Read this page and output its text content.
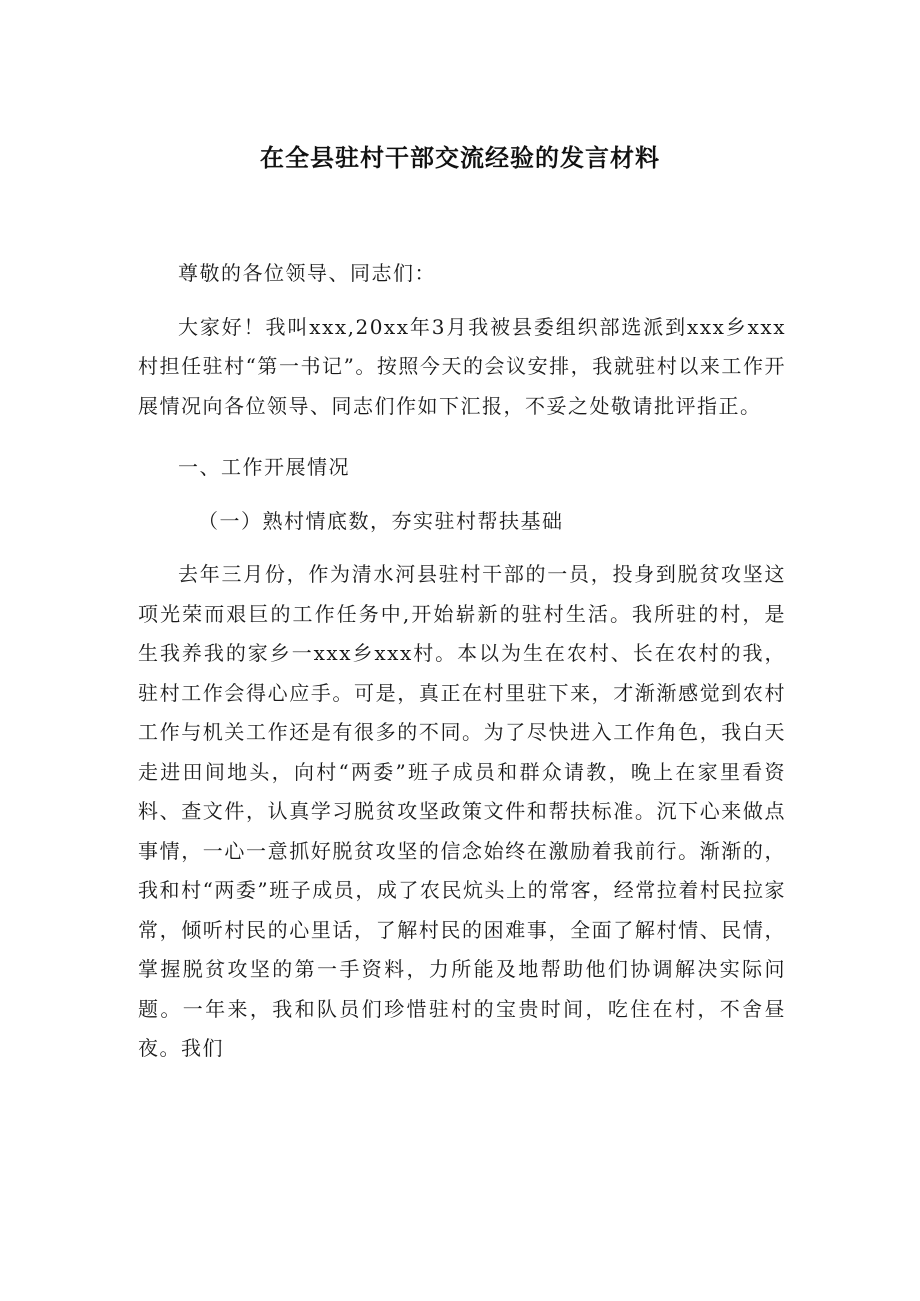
在全县驻村干部交流经验的发言材料

尊敬的各位领导、同志们：

大家好！我叫xxx,20xx年3月我被县委组织部选派到xxx乡xxx村担任驻村“第一书记”。按照今天的会议安排，我就驻村以来工作开展情况向各位领导、同志们作如下汇报，不妥之处敬请批评指正。

一、工作开展情况

（一）熟村情底数，夯实驻村帮扶基础

去年三月份，作为清水河县驻村干部的一员，投身到脱贫攻坚这项光荣而艰巨的工作任务中,开始崭新的驻村生活。我所驻的村，是生我养我的家乡一xxx乡xxx村。本以为生在农村、长在农村的我，驻村工作会得心应手。可是，真正在村里驻下来，才渐渐感觉到农村工作与机关工作还是有很多的不同。为了尽快进入工作角色，我白天走进田间地头，向村“两委”班子成员和群众请教，晚上在家里看资料、查文件，认真学习脱贫攻坚政策文件和帮扶标准。沉下心来做点事情，一心一意抓好脱贫攻坚的信念始终在激励着我前行。渐渐的，我和村“两委”班子成员，成了农民炕头上的常客，经常拉着村民拉家常，倾听村民的心里话，了解村民的困难事，全面了解村情、民情，掌握脱贫攻坚的第一手资料，力所能及地帮助他们协调解决实际问题。一年来，我和队员们珍惜驻村的宝贵时间，吃住在村，不舍昼夜。我们
